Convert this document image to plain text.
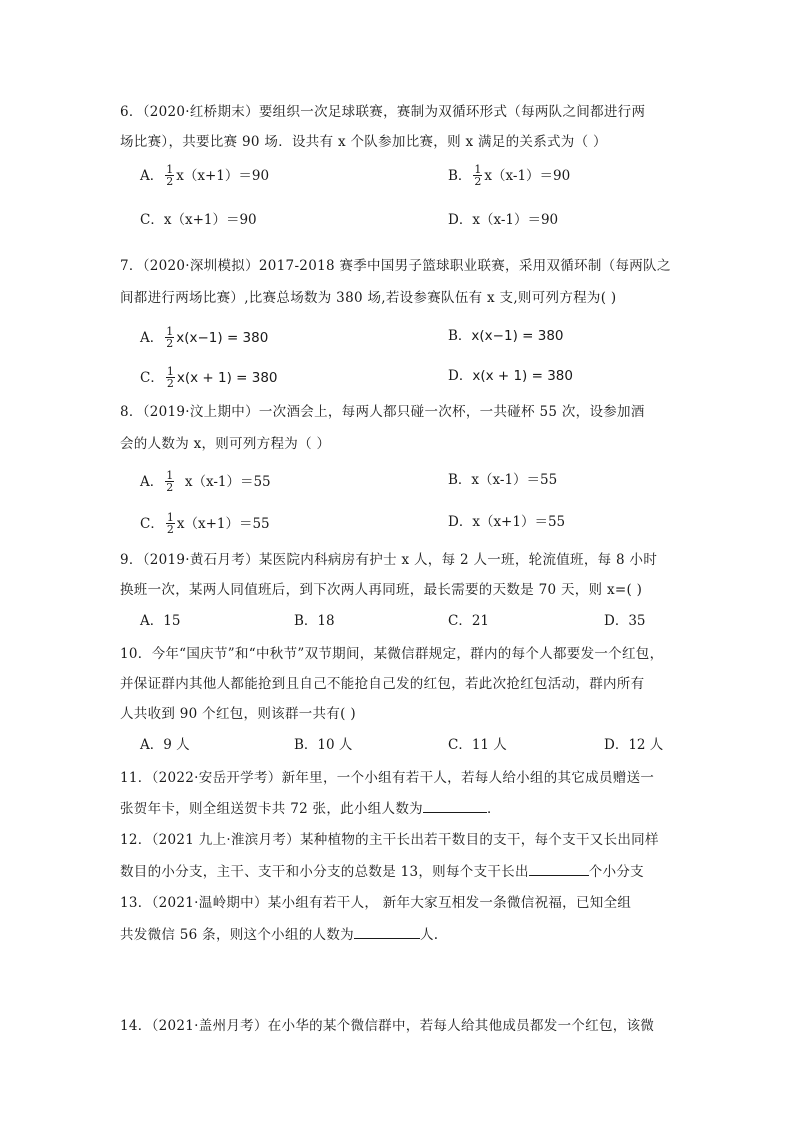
6．（2020·红桥期末）要组织一次足球联赛，赛制为双循环形式（每两队之间都进行两
场比赛），共要比赛 90 场．设共有 x 个队参加比赛，则 x 满足的关系式为（ ）
A． $\frac{1}{2} x(x+1)=90$	B． $\frac{1}{2} x(x-1)=90$
C． x（x+1）＝90	D． x（x-1）＝90
7．（2020·深圳模拟）2017-2018 赛季中国男子篮球职业联赛，采用双循环制（每两队之
间都进行两场比赛）,比赛总场数为 380 场,若设参赛队伍有 x 支,则可列方程为( )
A． $\frac{1}{2} x(x-1) = 380$	B． x(x−1) = 380
C． $\frac{1}{2} x(x + 1) = 380$	D． x(x + 1) = 380
8．（2019·汶上期中）一次酒会上，每两人都只碰一次杯，一共碰杯 55 次，设参加酒
会的人数为 x，则可列方程为（ ）
A． $\frac{1}{2} x(x-1)=55$	B． x（x-1）＝55
C． $\frac{1}{2} x(x+1)=55$	D． x（x+1）＝55
9．（2019·黄石月考）某医院内科病房有护士 x 人，每 2 人一班，轮流值班，每 8 小时
换班一次，某两人同值班后，到下次两人再同班，最长需要的天数是 70 天，则 x=( )
A．15	B．18	C．21	D．35
10．今年“国庆节”和“中秋节”双节期间，某微信群规定，群内的每个人都要发一个红包，
并保证群内其他人都能抢到且自己不能抢自己发的红包，若此次抢红包活动，群内所有
人共收到 90 个红包，则该群一共有( )
A．9 人	B．10 人	C．11 人	D．12 人
11．（2022·安岳开学考）新年里，一个小组有若干人，若每人给小组的其它成员赠送一
张贺年卡，则全组送贺卡共 72 张，此小组人数为	．
12．（2021 九上·淮滨月考）某种植物的主干长出若干数目的支干，每个支干又长出同样
数目的小分支，主干、支干和小分支的总数是 13，则每个支干长出	个小分支
13．（2021·温岭期中）某小组有若干人， 新年大家互相发一条微信祝福，已知全组
共发微信 56 条，则这个小组的人数为	人.
14．（2021·盖州月考）在小华的某个微信群中，若每人给其他成员都发一个红包，该微
